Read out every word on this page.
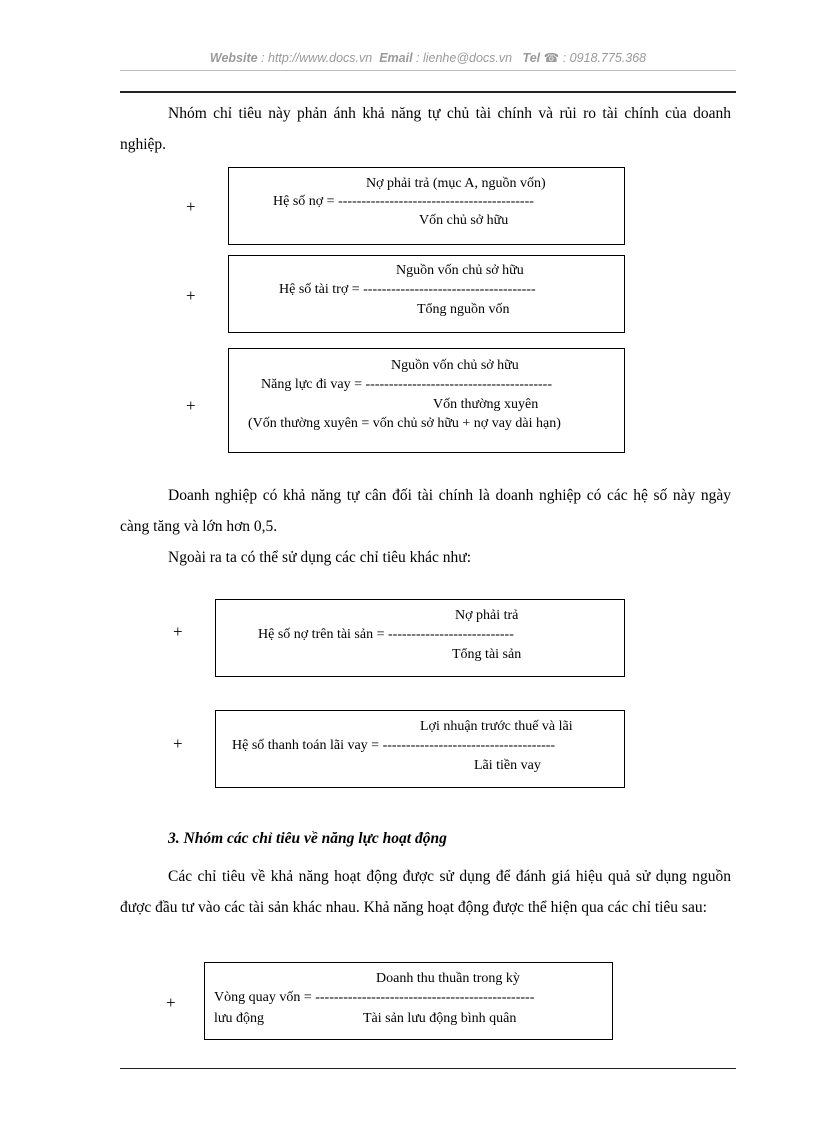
Website : http://www.docs.vn Email : lienhe@docs.vn Tel ☎ : 0918.775.368
Nhóm chỉ tiêu này phản ánh khả năng tự chủ tài chính và rủi ro tài chính của doanh nghiệp.
+
Nợ phải trả (mục A, nguồn vốn)
Hệ số nợ = ------------------------------------------
Vốn chủ sở hữu
+
Nguồn vốn chủ sở hữu
Hệ số tài trợ = -------------------------------------
Tổng nguồn vốn
+
Nguồn vốn chủ sở hữu
Năng lực đi vay = ----------------------------------------
Vốn thường xuyên
(Vốn thường xuyên = vốn chủ sở hữu + nợ vay dài hạn)
Doanh nghiệp có khả năng tự cân đối tài chính là doanh nghiệp có các hệ số này ngày càng tăng và lớn hơn 0,5.
Ngoài ra ta có thể sử dụng các chỉ tiêu khác như:
+
Nợ phải trả
Hệ số nợ trên tài sản = ---------------------------
Tổng tài sản
+
Lợi nhuận trước thuế và lãi
Hệ số thanh toán lãi vay = -------------------------------------
Lãi tiền vay
3. Nhóm các chỉ tiêu về năng lực hoạt động
Các chỉ tiêu về khả năng hoạt động được sử dụng để đánh giá hiệu quả sử dụng nguồn được đầu tư vào các tài sản khác nhau. Khả năng hoạt động được thể hiện qua các chỉ tiêu sau:
+
Doanh thu thuần trong kỳ
Vòng quay vốn = -----------------------------------------------
lưu động	Tài sản lưu động bình quân
